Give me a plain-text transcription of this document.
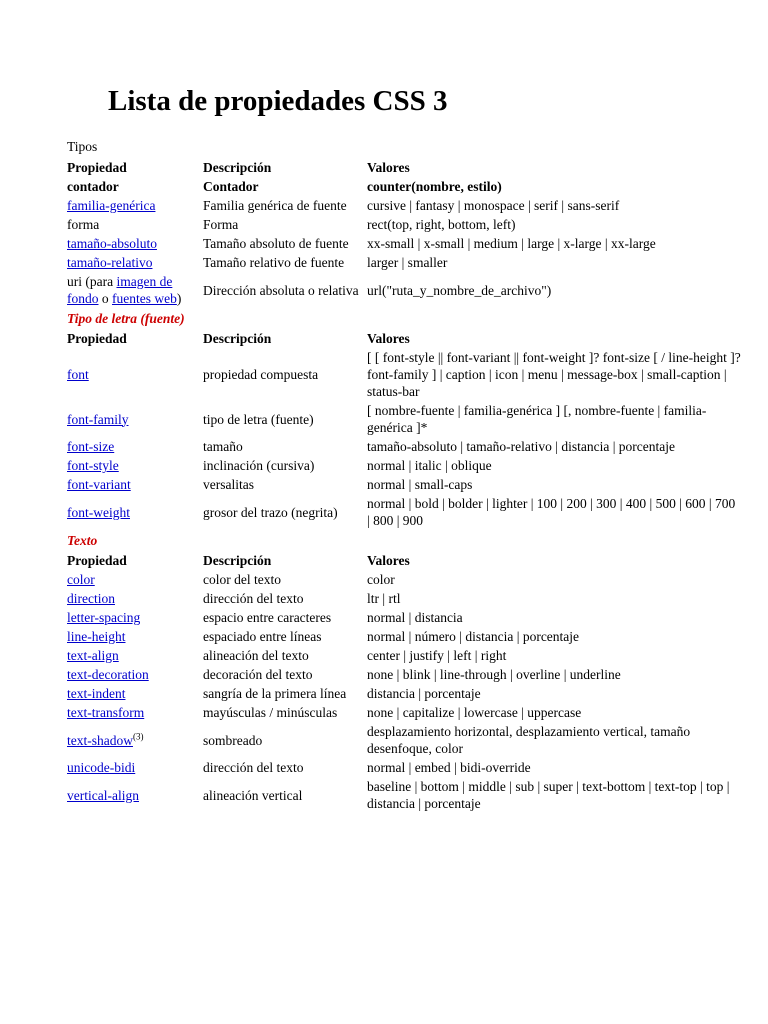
Lista de propiedades CSS 3
Tipos
Propiedad	Descripción	Valores
contador	Contador	counter(nombre, estilo)
familia-genérica	Familia genérica de fuente	cursive | fantasy | monospace | serif | sans-serif
forma	Forma	rect(top, right, bottom, left)
tamaño-absoluto	Tamaño absoluto de fuente	xx-small | x-small | medium | large | x-large | xx-large
tamaño-relativo	Tamaño relativo de fuente	larger | smaller
uri (para imagen de fondo o fuentes web)	Dirección absoluta o relativa	url("ruta_y_nombre_de_archivo")
Tipo de letra (fuente)		
Propiedad	Descripción	Valores
font	propiedad compuesta	[ [ font-style || font-variant || font-weight ]? font-size [ / line-height ]? font-family ] | caption | icon | menu | message-box | small-caption | status-bar
font-family	tipo de letra (fuente)	[ nombre-fuente | familia-genérica ] [, nombre-fuente | familia-genérica ]*
font-size	tamaño	tamaño-absoluto | tamaño-relativo | distancia | porcentaje
font-style	inclinación (cursiva)	normal | italic | oblique
font-variant	versalitas	normal | small-caps
font-weight	grosor del trazo (negrita)	normal | bold | bolder | lighter | 100 | 200 | 300 | 400 | 500 | 600 | 700 | 800 | 900
Texto		
Propiedad	Descripción	Valores
color	color del texto	color
direction	dirección del texto	ltr | rtl
letter-spacing	espacio entre caracteres	normal | distancia
line-height	espaciado entre líneas	normal | número | distancia | porcentaje
text-align	alineación del texto	center | justify | left | right
text-decoration	decoración del texto	none | blink | line-through | overline | underline
text-indent	sangría de la primera línea	distancia | porcentaje
text-transform	mayúsculas / minúsculas	none | capitalize | lowercase | uppercase
text-shadow$^{(3)}$	sombreado	desplazamiento horizontal, desplazamiento vertical, tamaño desenfoque, color
unicode-bidi	dirección del texto	normal | embed | bidi-override
vertical-align	alineación vertical	baseline | bottom | middle | sub | super | text-bottom | text-top | top | distancia | porcentaje
